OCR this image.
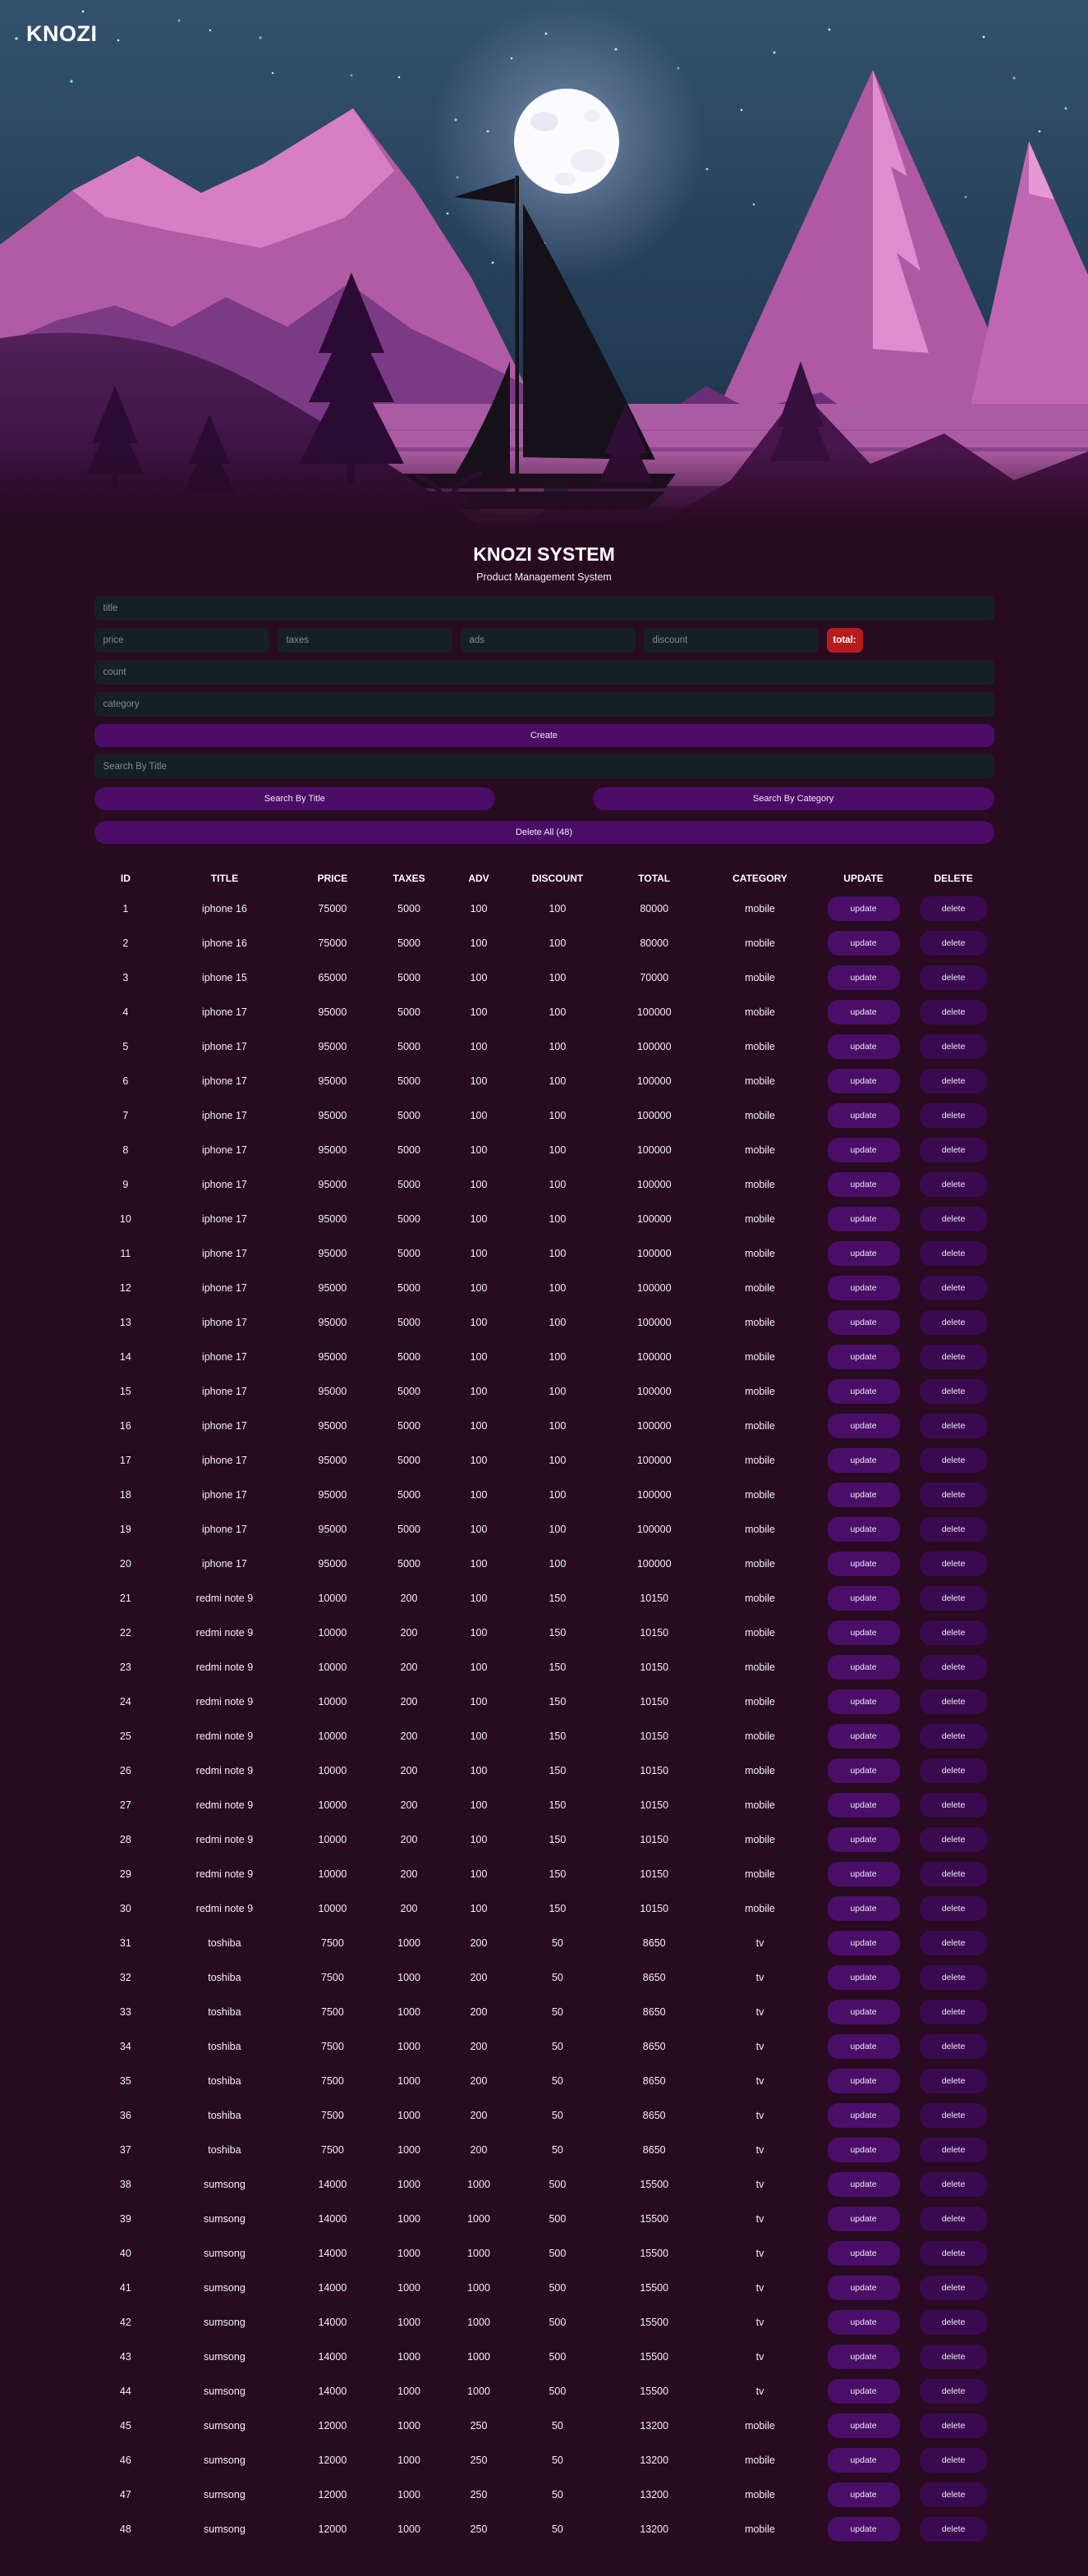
KNOZI
KNOZI SYSTEM
Product Management System
title
price
taxes
ads
discount
total:
count
category
Create
Search By Title
Search By Title	Search By Category
Delete All (48)
ID	TITLE	PRICE	TAXES	ADV	DISCOUNT	TOTAL	CATEGORY	UPDATE	DELETE
1	iphone 16	75000	5000	100	100	80000	mobile	update	delete
2	iphone 16	75000	5000	100	100	80000	mobile	update	delete
3	iphone 15	65000	5000	100	100	70000	mobile	update	delete
4	iphone 17	95000	5000	100	100	100000	mobile	update	delete
5	iphone 17	95000	5000	100	100	100000	mobile	update	delete
6	iphone 17	95000	5000	100	100	100000	mobile	update	delete
7	iphone 17	95000	5000	100	100	100000	mobile	update	delete
8	iphone 17	95000	5000	100	100	100000	mobile	update	delete
9	iphone 17	95000	5000	100	100	100000	mobile	update	delete
10	iphone 17	95000	5000	100	100	100000	mobile	update	delete
11	iphone 17	95000	5000	100	100	100000	mobile	update	delete
12	iphone 17	95000	5000	100	100	100000	mobile	update	delete
13	iphone 17	95000	5000	100	100	100000	mobile	update	delete
14	iphone 17	95000	5000	100	100	100000	mobile	update	delete
15	iphone 17	95000	5000	100	100	100000	mobile	update	delete
16	iphone 17	95000	5000	100	100	100000	mobile	update	delete
17	iphone 17	95000	5000	100	100	100000	mobile	update	delete
18	iphone 17	95000	5000	100	100	100000	mobile	update	delete
19	iphone 17	95000	5000	100	100	100000	mobile	update	delete
20	iphone 17	95000	5000	100	100	100000	mobile	update	delete
21	redmi note 9	10000	200	100	150	10150	mobile	update	delete
22	redmi note 9	10000	200	100	150	10150	mobile	update	delete
23	redmi note 9	10000	200	100	150	10150	mobile	update	delete
24	redmi note 9	10000	200	100	150	10150	mobile	update	delete
25	redmi note 9	10000	200	100	150	10150	mobile	update	delete
26	redmi note 9	10000	200	100	150	10150	mobile	update	delete
27	redmi note 9	10000	200	100	150	10150	mobile	update	delete
28	redmi note 9	10000	200	100	150	10150	mobile	update	delete
29	redmi note 9	10000	200	100	150	10150	mobile	update	delete
30	redmi note 9	10000	200	100	150	10150	mobile	update	delete
31	toshiba	7500	1000	200	50	8650	tv	update	delete
32	toshiba	7500	1000	200	50	8650	tv	update	delete
33	toshiba	7500	1000	200	50	8650	tv	update	delete
34	toshiba	7500	1000	200	50	8650	tv	update	delete
35	toshiba	7500	1000	200	50	8650	tv	update	delete
36	toshiba	7500	1000	200	50	8650	tv	update	delete
37	toshiba	7500	1000	200	50	8650	tv	update	delete
38	sumsong	14000	1000	1000	500	15500	tv	update	delete
39	sumsong	14000	1000	1000	500	15500	tv	update	delete
40	sumsong	14000	1000	1000	500	15500	tv	update	delete
41	sumsong	14000	1000	1000	500	15500	tv	update	delete
42	sumsong	14000	1000	1000	500	15500	tv	update	delete
43	sumsong	14000	1000	1000	500	15500	tv	update	delete
44	sumsong	14000	1000	1000	500	15500	tv	update	delete
45	sumsong	12000	1000	250	50	13200	mobile	update	delete
46	sumsong	12000	1000	250	50	13200	mobile	update	delete
47	sumsong	12000	1000	250	50	13200	mobile	update	delete
48	sumsong	12000	1000	250	50	13200	mobile	update	delete
